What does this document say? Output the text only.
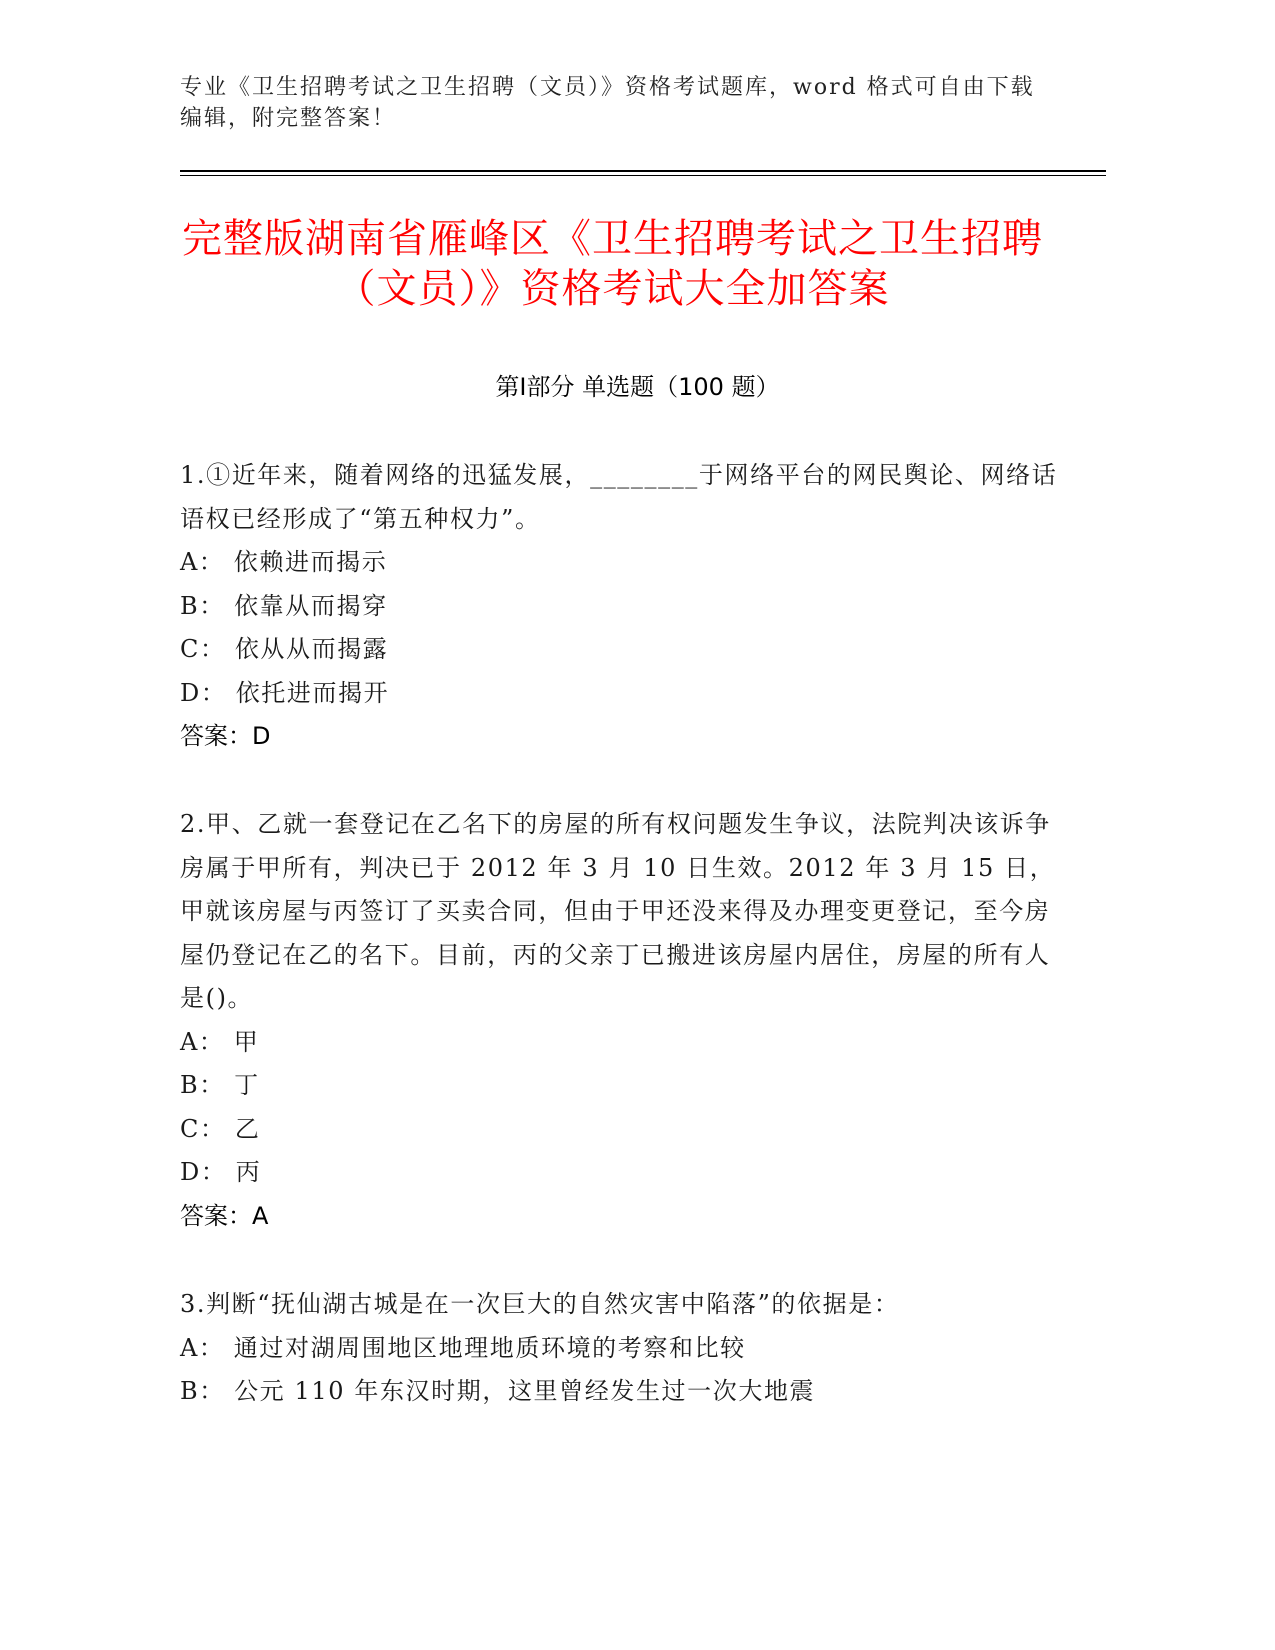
专业《卫生招聘考试之卫生招聘（文员）》资格考试题库，word 格式可自由下载编辑，附完整答案！
完整版湖南省雁峰区《卫生招聘考试之卫生招聘（文员）》资格考试大全加答案
第Ⅰ部分 单选题（100 题）

1.①近年来，随着网络的迅猛发展，________于网络平台的网民舆论、网络话语权已经形成了“第五种权力”。

A： 依赖进而揭示

B： 依靠从而揭穿

C： 依从从而揭露

D： 依托进而揭开

答案：D

2.甲、乙就一套登记在乙名下的房屋的所有权问题发生争议，法院判决该诉争房属于甲所有，判决已于 2012 年 3 月 10 日生效。2012 年 3 月 15 日，甲就该房屋与丙签订了买卖合同，但由于甲还没来得及办理变更登记，至今房屋仍登记在乙的名下。目前，丙的父亲丁已搬进该房屋内居住，房屋的所有人是()。

A： 甲

B： 丁

C： 乙

D： 丙

答案：A

3.判断“抚仙湖古城是在一次巨大的自然灾害中陷落”的依据是：

A： 通过对湖周围地区地理地质环境的考察和比较

B： 公元 110 年东汉时期，这里曾经发生过一次大地震
